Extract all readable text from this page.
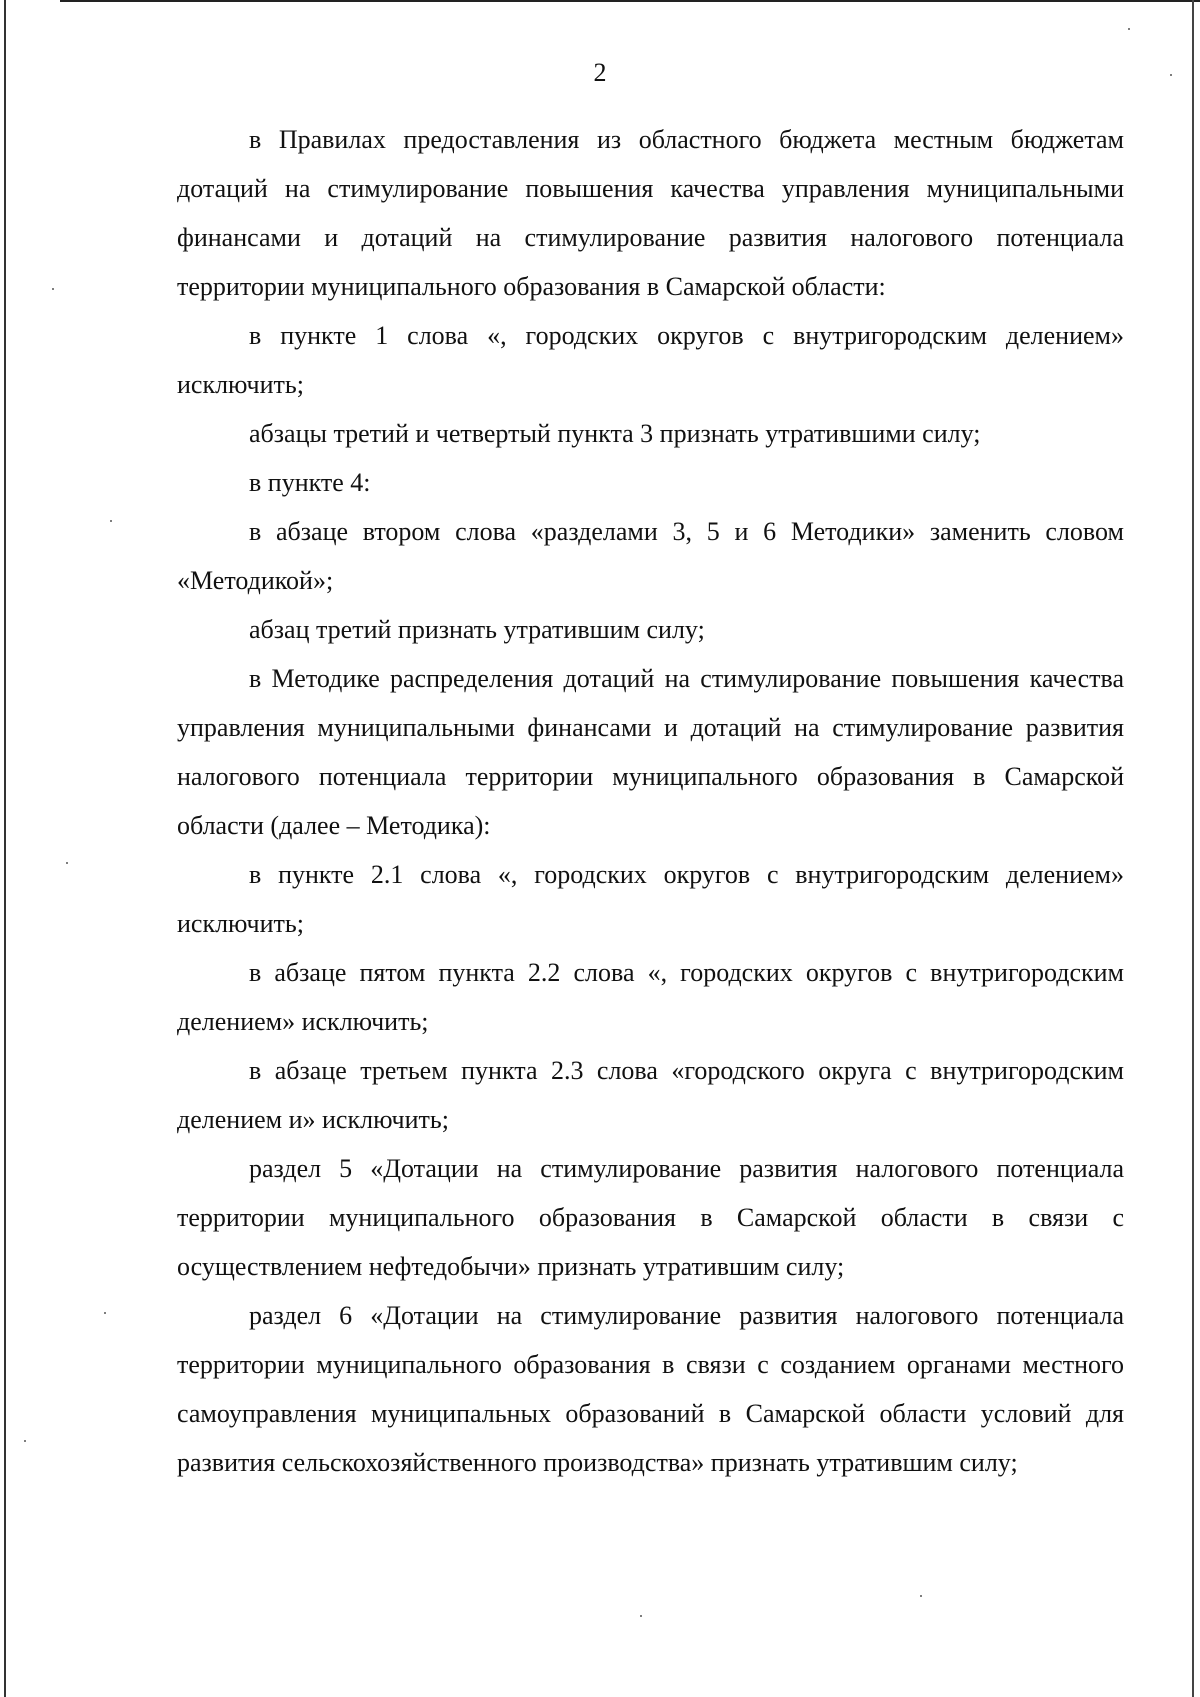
2

в Правилах предоставления из областного бюджета местным бюджетам дотаций на стимулирование повышения качества управления муниципальными финансами и дотаций на стимулирование развития налогового потенциала территории муниципального образования в Самарской области:

в пункте 1 слова «, городских округов с внутригородским делением» исключить;

абзацы третий и четвертый пункта 3 признать утратившими силу;

в пункте 4:

в абзаце втором слова «разделами 3, 5 и 6 Методики» заменить словом «Методикой»;

абзац третий признать утратившим силу;

в Методике распределения дотаций на стимулирование повышения качества управления муниципальными финансами и дотаций на стимулирование развития налогового потенциала территории муниципального образования в Самарской области (далее – Методика):

в пункте 2.1 слова «, городских округов с внутригородским делением» исключить;

в абзаце пятом пункта 2.2 слова «, городских округов с внутригородским делением» исключить;

в абзаце третьем пункта 2.3 слова «городского округа с внутригородским делением и» исключить;

раздел 5 «Дотации на стимулирование развития налогового потенциала территории муниципального образования в Самарской области в связи с осуществлением нефтедобычи» признать утратившим силу;

раздел 6 «Дотации на стимулирование развития налогового потенциала территории муниципального образования в связи с созданием органами местного самоуправления муниципальных образований в Самарской области условий для развития сельскохозяйственного производства» признать утратившим силу;
